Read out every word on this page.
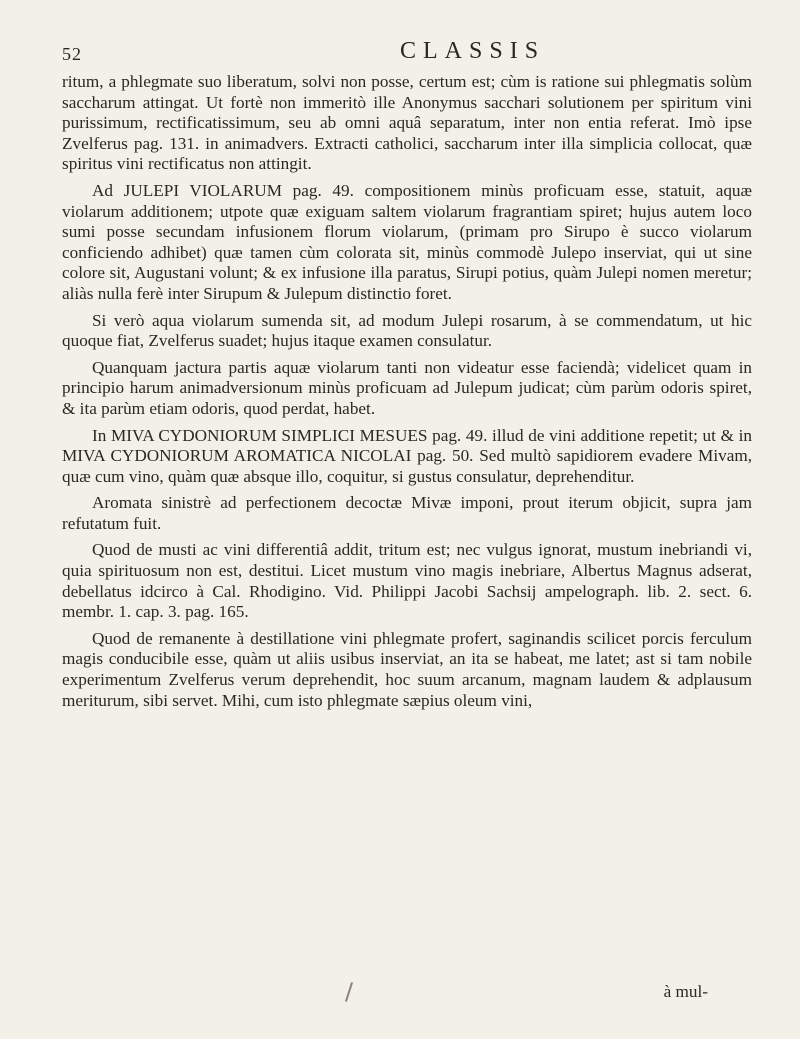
52	CLASSIS

ritum, a phlegmate suo liberatum, solvi non posse, certum est; cùm is ratione sui phlegmatis solùm saccharum attingat. Ut fortè non immeritò ille Anonymus sacchari solutionem per spiritum vini purissimum, rectificatissimum, seu ab omni aquâ separatum, inter non entia referat. Imò ipse Zvelferus pag. 131. in animadvers. Extracti catholici, saccharum inter illa simplicia collocat, quæ spiritus vini rectificatus non attingit.

Ad JULEPI VIOLARUM pag. 49. compositionem minùs proficuam esse, statuit, aquæ violarum additionem; utpote quæ exiguam saltem violarum fragrantiam spiret; hujus autem loco sumi posse secundam infusionem florum violarum, (primam pro Sirupo è succo violarum conficiendo adhibet) quæ tamen cùm colorata sit, minùs commodè Julepo inserviat, qui ut sine colore sit, Augustani volunt; & ex infusione illa paratus, Sirupi potius, quàm Julepi nomen meretur; aliàs nulla ferè inter Sirupum & Julepum distinctio foret.

Si verò aqua violarum sumenda sit, ad modum Julepi rosarum, à se commendatum, ut hic quoque fiat, Zvelferus suadet; hujus itaque examen consulatur.

Quanquam jactura partis aquæ violarum tanti non videatur esse faciendà; videlicet quam in principio harum animadversionum minùs proficuam ad Julepum judicat; cùm parùm odoris spiret, & ita parùm etiam odoris, quod perdat, habet.

In MIVA CYDONIORUM SIMPLICI MESUES pag. 49. illud de vini additione repetit; ut & in MIVA CYDONIORUM AROMATICA NICOLAI pag. 50. Sed multò sapidiorem evadere Mivam, quæ cum vino, quàm quæ absque illo, coquitur, si gustus consulatur, deprehenditur.

Aromata sinistrè ad perfectionem decoctæ Mivæ imponi, prout iterum objicit, supra jam refutatum fuit.

Quod de musti ac vini differentiâ addit, tritum est; nec vulgus ignorat, mustum inebriandi vi, quia spirituosum non est, destitui. Licet mustum vino magis inebriare, Albertus Magnus adserat, debellatus idcirco à Cal. Rhodigino. Vid. Philippi Jacobi Sachsij ampelograph. lib. 2. sect. 6. membr. 1. cap. 3. pag. 165.

Quod de remanente à destillatione vini phlegmate profert, saginandis scilicet porcis ferculum magis conducibile esse, quàm ut aliis usibus inserviat, an ita se habeat, me latet; ast si tam nobile experimentum Zvelferus verum deprehendit, hoc suum arcanum, magnam laudem & adplausum meriturum, sibi servet. Mihi, cum isto phlegmate sæpius oleum vini,

à mul-
